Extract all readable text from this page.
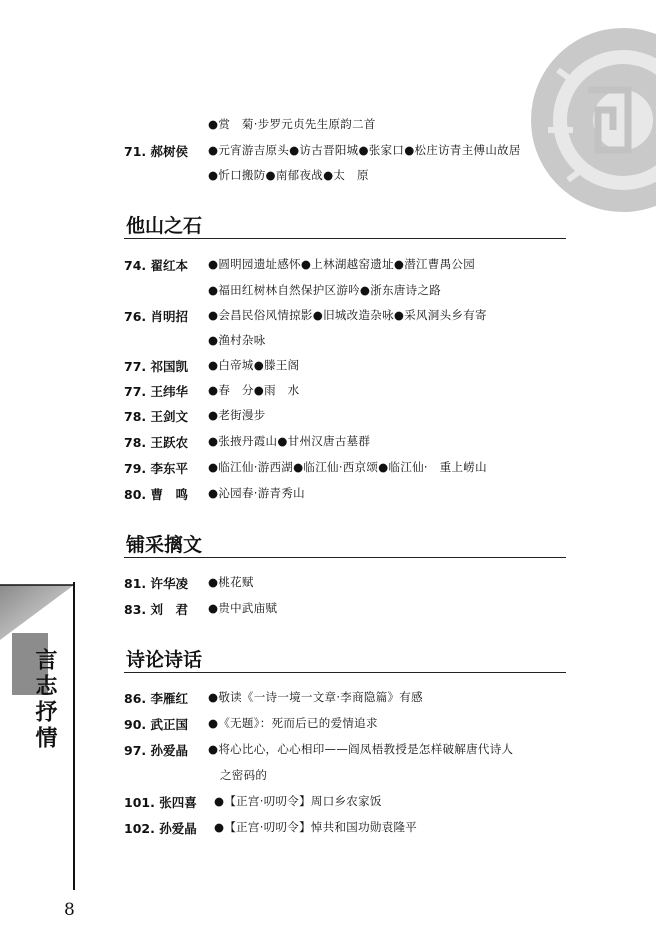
●赏　菊·步罗元贞先生原韵二首
71. 郝树侯 ●元宵游吉原头●访古晋阳城●张家口●松庄访青主傅山故居
●忻口搬防●南郁夜战●太　原
他山之石
74. 翟红本 ●圆明园遗址感怀●上林湖越窑遗址●潜江曹禺公园
●福田红树林自然保护区游吟●浙东唐诗之路
76. 肖明招 ●会昌民俗风情掠影●旧城改造杂咏●采风洞头乡有寄
●渔村杂咏
77. 祁国凯 ●白帝城●滕王阁
77. 王纬华 ●春　分●雨　水
78. 王剑文 ●老街漫步
78. 王跃农 ●张掖丹霞山●甘州汉唐古墓群
79. 李东平 ●临江仙·游西湖●临江仙·西京颂●临江仙·　重上崂山
80. 曹　鸣 ●沁园春·游青秀山
铺采摛文
81. 许华凌 ●桃花赋
83. 刘　君 ●贵中武庙赋
诗论诗话
86. 李雁红 ●敬读《一诗一境一文章·李商隐篇》有感
90. 武正国 ●《无题》：死而后已的爱情追求
97. 孙爱晶 ●将心比心，心心相印——阎凤梧教授是怎样破解唐代诗人
之密码的
101. 张四喜 ●【正宫·叨叨令】周口乡农家饭
102. 孙爱晶 ●【正宫·叨叨令】悼共和国功勋袁隆平
言志抒情
8
